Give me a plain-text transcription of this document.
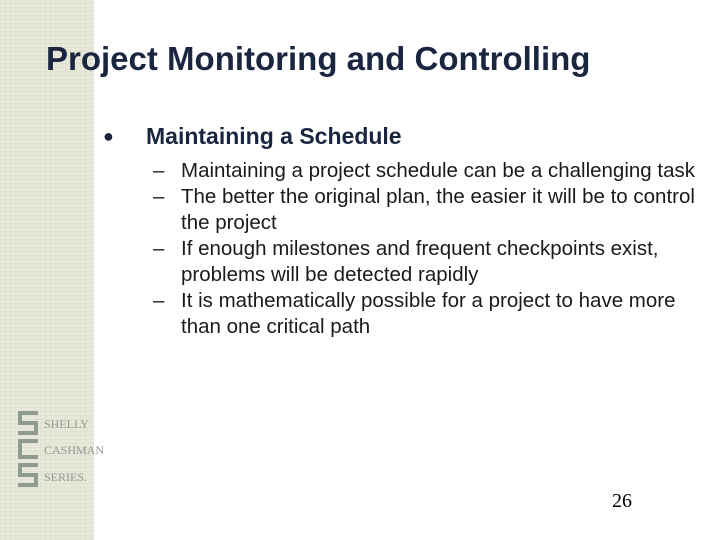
Project Monitoring and Controlling
● Maintaining a Schedule
– Maintaining a project schedule can be a challenging task
– The better the original plan, the easier it will be to control the project
– If enough milestones and frequent checkpoints exist, problems will be detected rapidly
– It is mathematically possible for a project to have more than one critical path
SHELLY
CASHMAN
SERIES.
26
